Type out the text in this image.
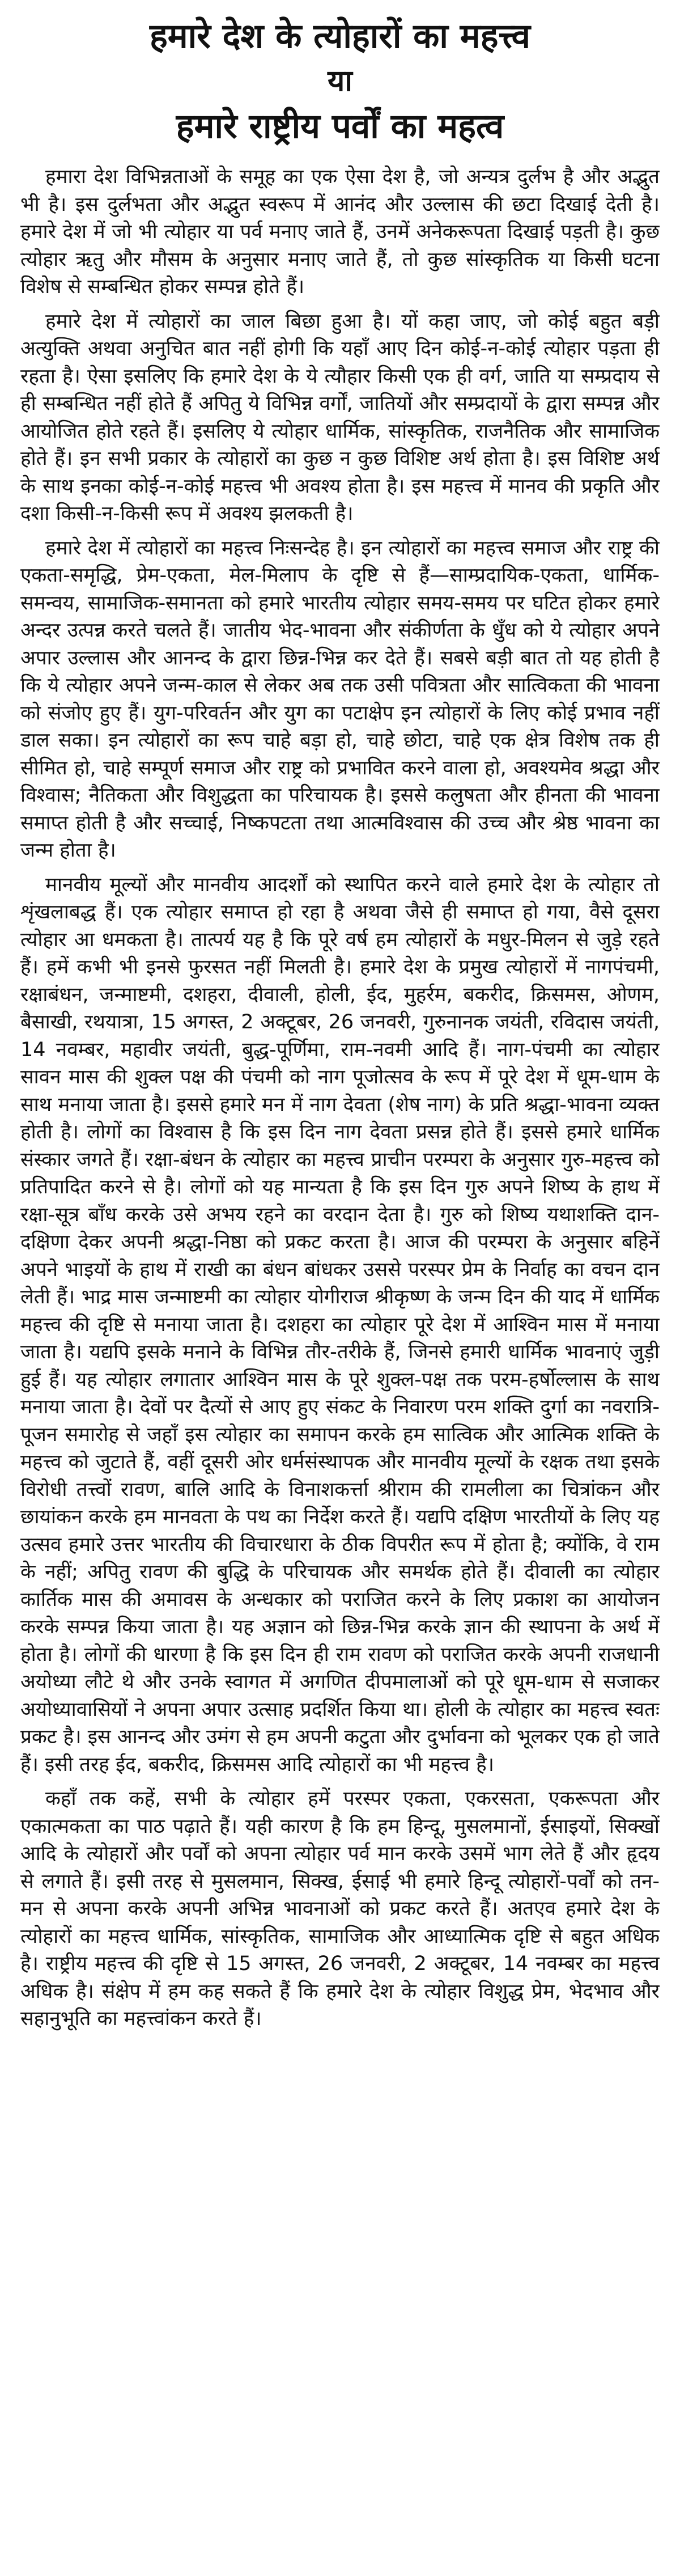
हमारे देश के त्योहारों का महत्त्व
या
हमारे राष्ट्रीय पर्वों का महत्व

हमारा देश विभिन्नताओं के समूह का एक ऐसा देश है, जो अन्यत्र दुर्लभ है और अद्भुत भी है। इस दुर्लभता और अद्भुत स्वरूप में आनंद और उल्लास की छटा दिखाई देती है। हमारे देश में जो भी त्योहार या पर्व मनाए जाते हैं, उनमें अनेकरूपता दिखाई पड़ती है। कुछ त्योहार ऋतु और मौसम के अनुसार मनाए जाते हैं, तो कुछ सांस्कृतिक या किसी घटना विशेष से सम्बन्धित होकर सम्पन्न होते हैं।

हमारे देश में त्योहारों का जाल बिछा हुआ है। यों कहा जाए, जो कोई बहुत बड़ी अत्युक्ति अथवा अनुचित बात नहीं होगी कि यहाँ आए दिन कोई-न-कोई त्योहार पड़ता ही रहता है। ऐसा इसलिए कि हमारे देश के ये त्यौहार किसी एक ही वर्ग, जाति या सम्प्रदाय से ही सम्बन्धित नहीं होते हैं अपितु ये विभिन्न वर्गों, जातियों और सम्प्रदायों के द्वारा सम्पन्न और आयोजित होते रहते हैं। इसलिए ये त्योहार धार्मिक, सांस्कृतिक, राजनैतिक और सामाजिक होते हैं। इन सभी प्रकार के त्योहारों का कुछ न कुछ विशिष्ट अर्थ होता है। इस विशिष्ट अर्थ के साथ इनका कोई-न-कोई महत्त्व भी अवश्य होता है। इस महत्त्व में मानव की प्रकृति और दशा किसी-न-किसी रूप में अवश्य झलकती है।

हमारे देश में त्योहारों का महत्त्व निःसन्देह है। इन त्योहारों का महत्त्व समाज और राष्ट्र की एकता-समृद्धि, प्रेम-एकता, मेल-मिलाप के दृष्टि से हैं—साम्प्रदायिक-एकता, धार्मिक-समन्वय, सामाजिक-समानता को हमारे भारतीय त्योहार समय-समय पर घटित होकर हमारे अन्दर उत्पन्न करते चलते हैं। जातीय भेद-भावना और संकीर्णता के धुँध को ये त्योहार अपने अपार उल्लास और आनन्द के द्वारा छिन्न-भिन्न कर देते हैं। सबसे बड़ी बात तो यह होती है कि ये त्योहार अपने जन्म-काल से लेकर अब तक उसी पवित्रता और सात्विकता की भावना को संजोए हुए हैं। युग-परिवर्तन और युग का पटाक्षेप इन त्योहारों के लिए कोई प्रभाव नहीं डाल सका। इन त्योहारों का रूप चाहे बड़ा हो, चाहे छोटा, चाहे एक क्षेत्र विशेष तक ही सीमित हो, चाहे सम्पूर्ण समाज और राष्ट्र को प्रभावित करने वाला हो, अवश्यमेव श्रद्धा और विश्वास; नैतिकता और विशुद्धता का परिचायक है। इससे कलुषता और हीनता की भावना समाप्त होती है और सच्चाई, निष्कपटता तथा आत्मविश्वास की उच्च और श्रेष्ठ भावना का जन्म होता है।

मानवीय मूल्यों और मानवीय आदर्शों को स्थापित करने वाले हमारे देश के त्योहार तो शृंखलाबद्ध हैं। एक त्योहार समाप्त हो रहा है अथवा जैसे ही समाप्त हो गया, वैसे दूसरा त्योहार आ धमकता है। तात्पर्य यह है कि पूरे वर्ष हम त्योहारों के मधुर-मिलन से जुड़े रहते हैं। हमें कभी भी इनसे फुरसत नहीं मिलती है। हमारे देश के प्रमुख त्योहारों में नागपंचमी, रक्षाबंधन, जन्माष्टमी, दशहरा, दीवाली, होली, ईद, मुहर्रम, बकरीद, क्रिसमस, ओणम, बैसाखी, रथयात्रा, 15 अगस्त, 2 अक्टूबर, 26 जनवरी, गुरुनानक जयंती, रविदास जयंती, 14 नवम्बर, महावीर जयंती, बुद्ध-पूर्णिमा, राम-नवमी आदि हैं। नाग-पंचमी का त्योहार सावन मास की शुक्ल पक्ष की पंचमी को नाग पूजोत्सव के रूप में पूरे देश में धूम-धाम के साथ मनाया जाता है। इससे हमारे मन में नाग देवता (शेष नाग) के प्रति श्रद्धा-भावना व्यक्त होती है। लोगों का विश्वास है कि इस दिन नाग देवता प्रसन्न होते हैं। इससे हमारे धार्मिक संस्कार जगते हैं। रक्षा-बंधन के त्योहार का महत्त्व प्राचीन परम्परा के अनुसार गुरु-महत्त्व को प्रतिपादित करने से है। लोगों को यह मान्यता है कि इस दिन गुरु अपने शिष्य के हाथ में रक्षा-सूत्र बाँध करके उसे अभय रहने का वरदान देता है। गुरु को शिष्य यथाशक्ति दान-दक्षिणा देकर अपनी श्रद्धा-निष्ठा को प्रकट करता है। आज की परम्परा के अनुसार बहिनें अपने भाइयों के हाथ में राखी का बंधन बांधकर उससे परस्पर प्रेम के निर्वाह का वचन दान लेती हैं। भाद्र मास जन्माष्टमी का त्योहार योगीराज श्रीकृष्ण के जन्म दिन की याद में धार्मिक महत्त्व की दृष्टि से मनाया जाता है। दशहरा का त्योहार पूरे देश में आश्विन मास में मनाया जाता है। यद्यपि इसके मनाने के विभिन्न तौर-तरीके हैं, जिनसे हमारी धार्मिक भावनाएं जुड़ी हुई हैं। यह त्योहार लगातार आश्विन मास के पूरे शुक्ल-पक्ष तक परम-हर्षोल्लास के साथ मनाया जाता है। देवों पर दैत्यों से आए हुए संकट के निवारण परम शक्ति दुर्गा का नवरात्रि-पूजन समारोह से जहाँ इस त्योहार का समापन करके हम सात्विक और आत्मिक शक्ति के महत्त्व को जुटाते हैं, वहीं दूसरी ओर धर्मसंस्थापक और मानवीय मूल्यों के रक्षक तथा इसके विरोधी तत्त्वों रावण, बालि आदि के विनाशकर्त्ता श्रीराम की रामलीला का चित्रांकन और छायांकन करके हम मानवता के पथ का निर्देश करते हैं। यद्यपि दक्षिण भारतीयों के लिए यह उत्सव हमारे उत्तर भारतीय की विचारधारा के ठीक विपरीत रूप में होता है; क्योंकि, वे राम के नहीं; अपितु रावण की बुद्धि के परिचायक और समर्थक होते हैं। दीवाली का त्योहार कार्तिक मास की अमावस के अन्धकार को पराजित करने के लिए प्रकाश का आयोजन करके सम्पन्न किया जाता है। यह अज्ञान को छिन्न-भिन्न करके ज्ञान की स्थापना के अर्थ में होता है। लोगों की धारणा है कि इस दिन ही राम रावण को पराजित करके अपनी राजधानी अयोध्या लौटे थे और उनके स्वागत में अगणित दीपमालाओं को पूरे धूम-धाम से सजाकर अयोध्यावासियों ने अपना अपार उत्साह प्रदर्शित किया था। होली के त्योहार का महत्त्व स्वतः प्रकट है। इस आनन्द और उमंग से हम अपनी कटुता और दुर्भावना को भूलकर एक हो जाते हैं। इसी तरह ईद, बकरीद, क्रिसमस आदि त्योहारों का भी महत्त्व है।

कहाँ तक कहें, सभी के त्योहार हमें परस्पर एकता, एकरसता, एकरूपता और एकात्मकता का पाठ पढ़ाते हैं। यही कारण है कि हम हिन्दू, मुसलमानों, ईसाइयों, सिक्खों आदि के त्योहारों और पर्वों को अपना त्योहार पर्व मान करके उसमें भाग लेते हैं और हृदय से लगाते हैं। इसी तरह से मुसलमान, सिक्ख, ईसाई भी हमारे हिन्दू त्योहारों-पर्वों को तन-मन से अपना करके अपनी अभिन्न भावनाओं को प्रकट करते हैं। अतएव हमारे देश के त्योहारों का महत्त्व धार्मिक, सांस्कृतिक, सामाजिक और आध्यात्मिक दृष्टि से बहुत अधिक है। राष्ट्रीय महत्त्व की दृष्टि से 15 अगस्त, 26 जनवरी, 2 अक्टूबर, 14 नवम्बर का महत्त्व अधिक है। संक्षेप में हम कह सकते हैं कि हमारे देश के त्योहार विशुद्ध प्रेम, भेदभाव और सहानुभूति का महत्त्वांकन करते हैं।
